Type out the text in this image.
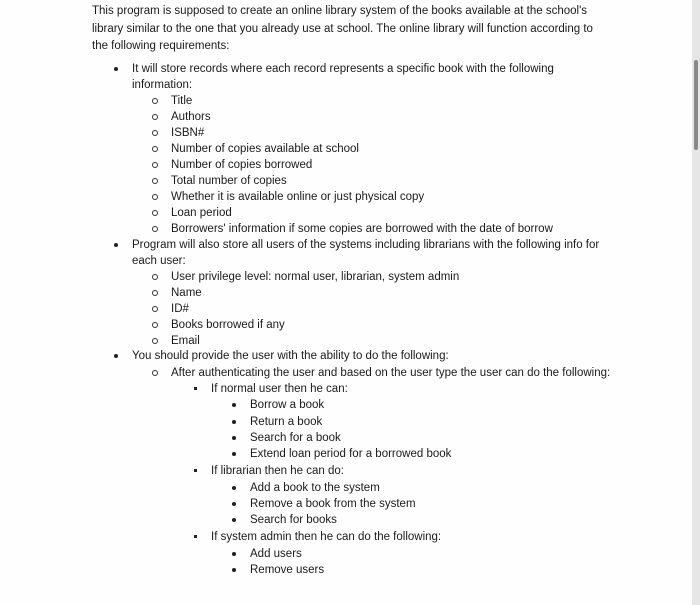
This program is supposed to create an online library system of the books available at the school's library similar to the one that you already use at school. The online library will function according to the following requirements:
It will store records where each record represents a specific book with the following information:
Title
Authors
ISBN#
Number of copies available at school
Number of copies borrowed
Total number of copies
Whether it is available online or just physical copy
Loan period
Borrowers' information if some copies are borrowed with the date of borrow
Program will also store all users of the systems including librarians with the following info for each user:
User privilege level: normal user, librarian, system admin
Name
ID#
Books borrowed if any
Email
You should provide the user with the ability to do the following:
After authenticating the user and based on the user type the user can do the following:
If normal user then he can:
Borrow a book
Return a book
Search for a book
Extend loan period for a borrowed book
If librarian then he can do:
Add a book to the system
Remove a book from the system
Search for books
If system admin then he can do the following:
Add users
Remove users
